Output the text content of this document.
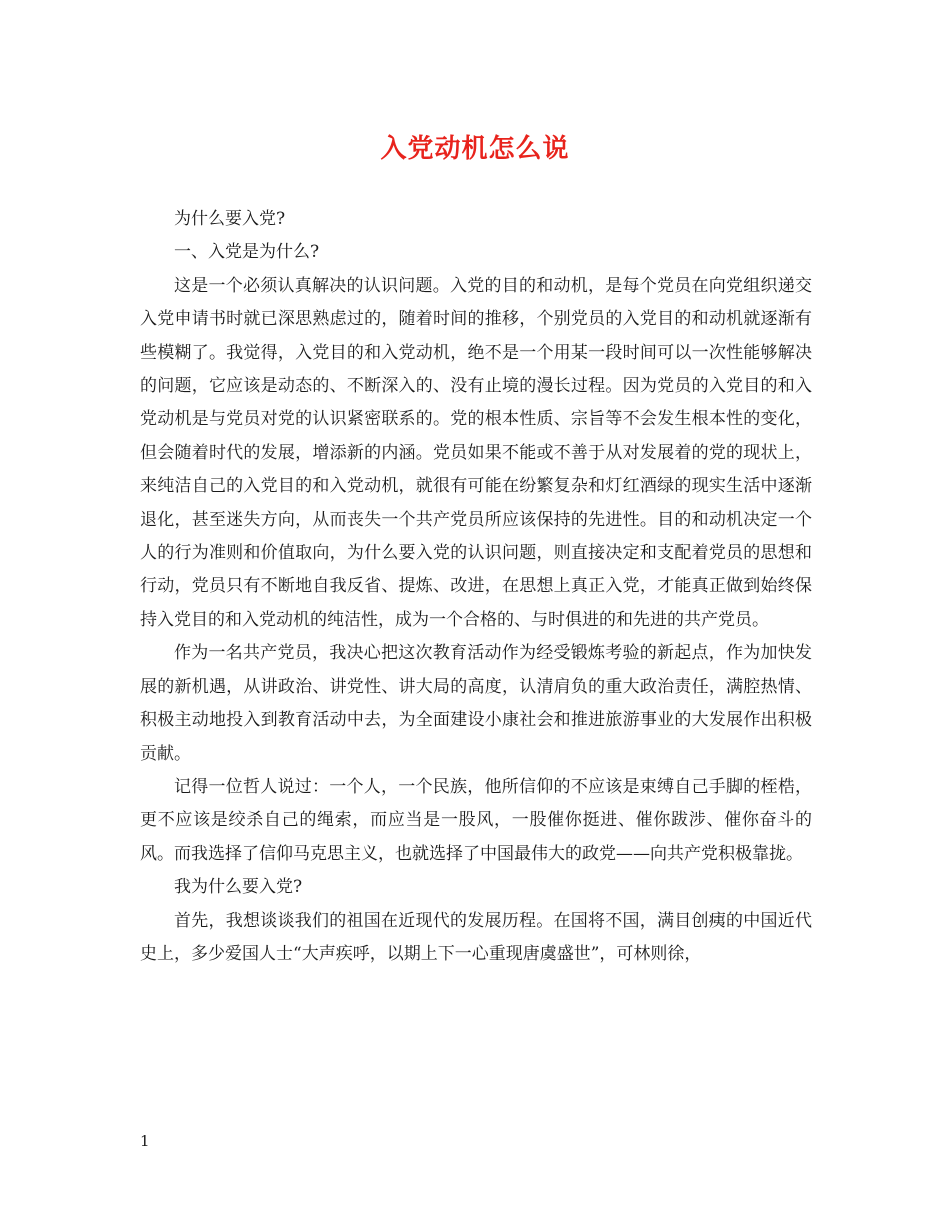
入党动机怎么说

为什么要入党?

一、入党是为什么?

这是一个必须认真解决的认识问题。入党的目的和动机，是每个党员在向党组织递交入党申请书时就已深思熟虑过的，随着时间的推移，个别党员的入党目的和动机就逐渐有些模糊了。我觉得，入党目的和入党动机，绝不是一个用某一段时间可以一次性能够解决的问题，它应该是动态的、不断深入的、没有止境的漫长过程。因为党员的入党目的和入党动机是与党员对党的认识紧密联系的。党的根本性质、宗旨等不会发生根本性的变化，但会随着时代的发展，增添新的内涵。党员如果不能或不善于从对发展着的党的现状上，来纯洁自己的入党目的和入党动机，就很有可能在纷繁复杂和灯红酒绿的现实生活中逐渐退化，甚至迷失方向，从而丧失一个共产党员所应该保持的先进性。目的和动机决定一个人的行为准则和价值取向，为什么要入党的认识问题，则直接决定和支配着党员的思想和行动，党员只有不断地自我反省、提炼、改进，在思想上真正入党，才能真正做到始终保持入党目的和入党动机的纯洁性，成为一个合格的、与时俱进的和先进的共产党员。

作为一名共产党员，我决心把这次教育活动作为经受锻炼考验的新起点，作为加快发展的新机遇，从讲政治、讲党性、讲大局的高度，认清肩负的重大政治责任，满腔热情、积极主动地投入到教育活动中去，为全面建设小康社会和推进旅游事业的大发展作出积极贡献。

记得一位哲人说过：一个人，一个民族，他所信仰的不应该是束缚自己手脚的桎梏，更不应该是绞杀自己的绳索，而应当是一股风，一股催你挺进、催你跋涉、催你奋斗的风。而我选择了信仰马克思主义，也就选择了中国最伟大的政党——向共产党积极靠拢。

我为什么要入党?

首先，我想谈谈我们的祖国在近现代的发展历程。在国将不国，满目创痍的中国近代史上，多少爱国人士“大声疾呼，以期上下一心重现唐虞盛世”，可林则徐，

1
